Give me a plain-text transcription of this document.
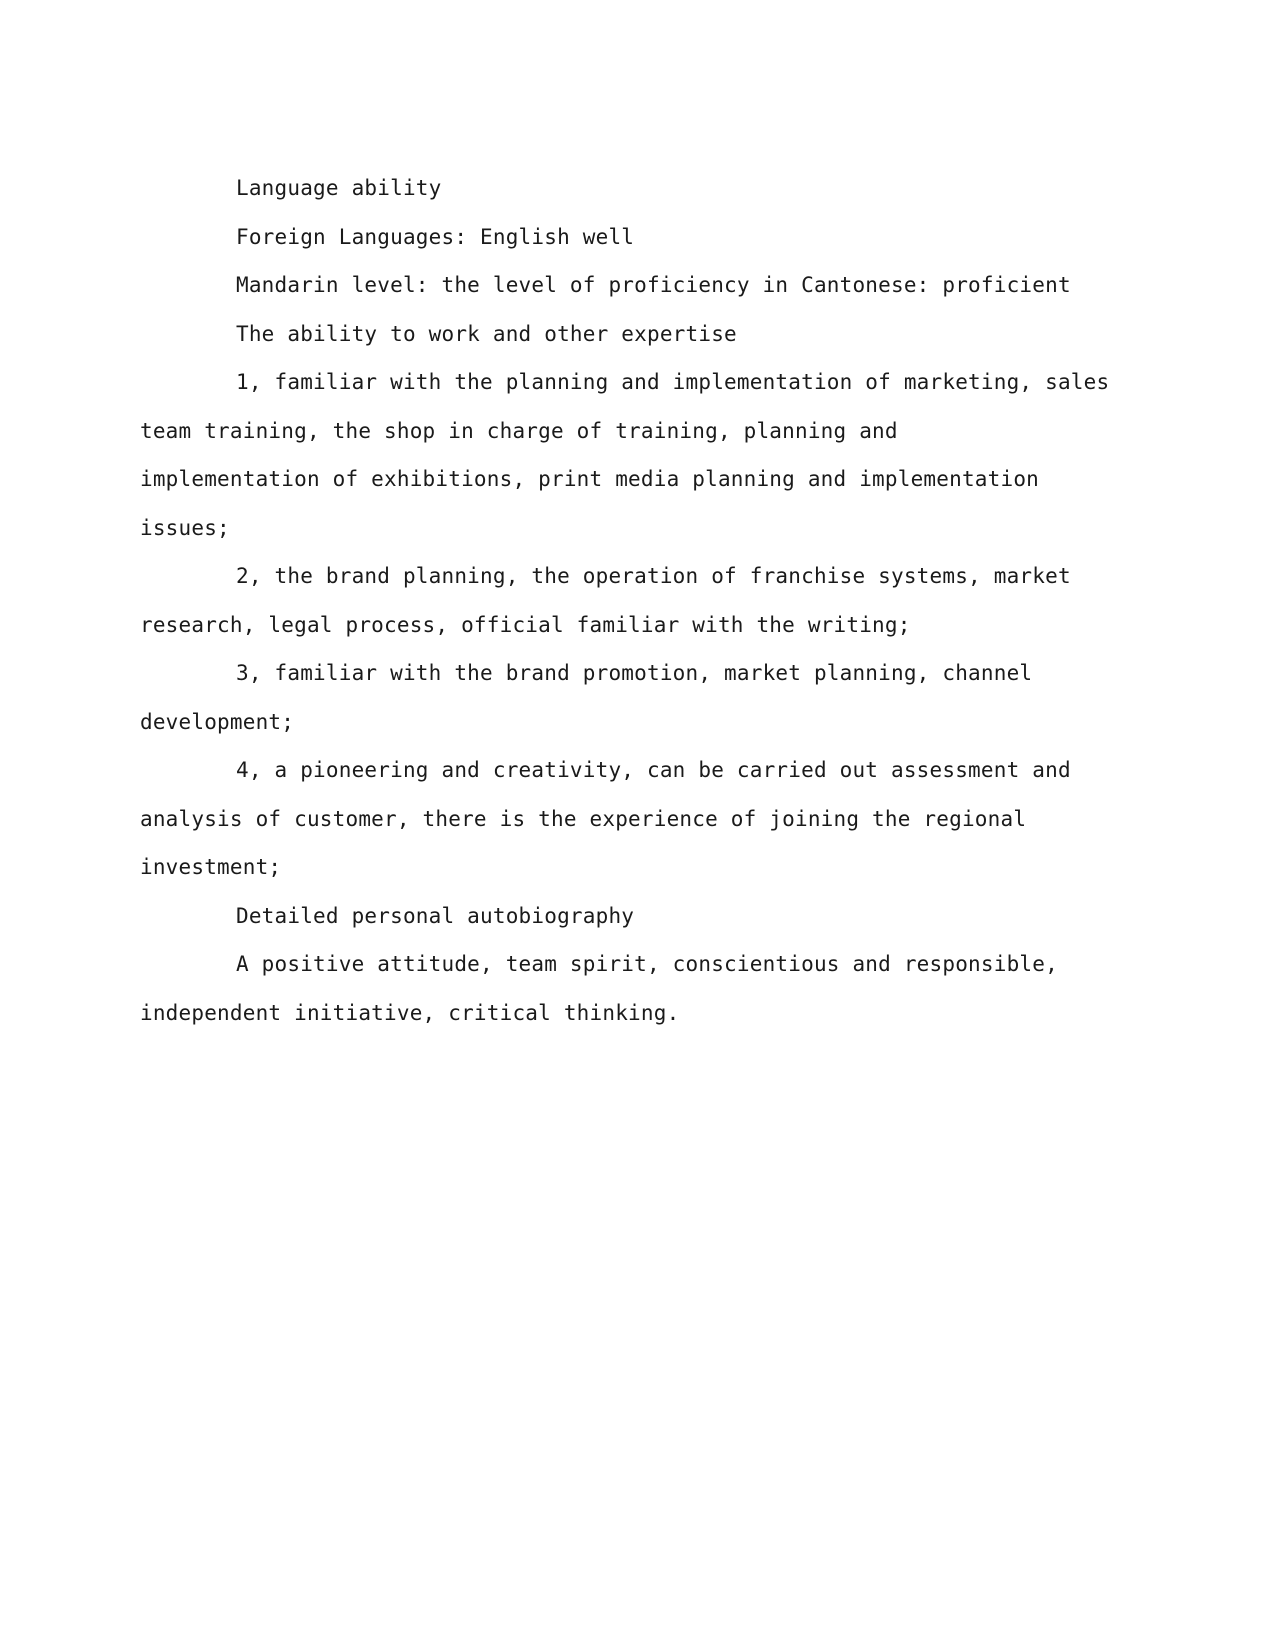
Language ability

Foreign Languages: English well

Mandarin level: the level of proficiency in Cantonese: proficient

The ability to work and other expertise

1, familiar with the planning and implementation of marketing, sales
team training, the shop in charge of training, planning and
implementation of exhibitions, print media planning and implementation
issues;

2, the brand planning, the operation of franchise systems, market
research, legal process, official familiar with the writing;

3, familiar with the brand promotion, market planning, channel
development;

4, a pioneering and creativity, can be carried out assessment and
analysis of customer, there is the experience of joining the regional
investment;

Detailed personal autobiography

A positive attitude, team spirit, conscientious and responsible,
independent initiative, critical thinking.
